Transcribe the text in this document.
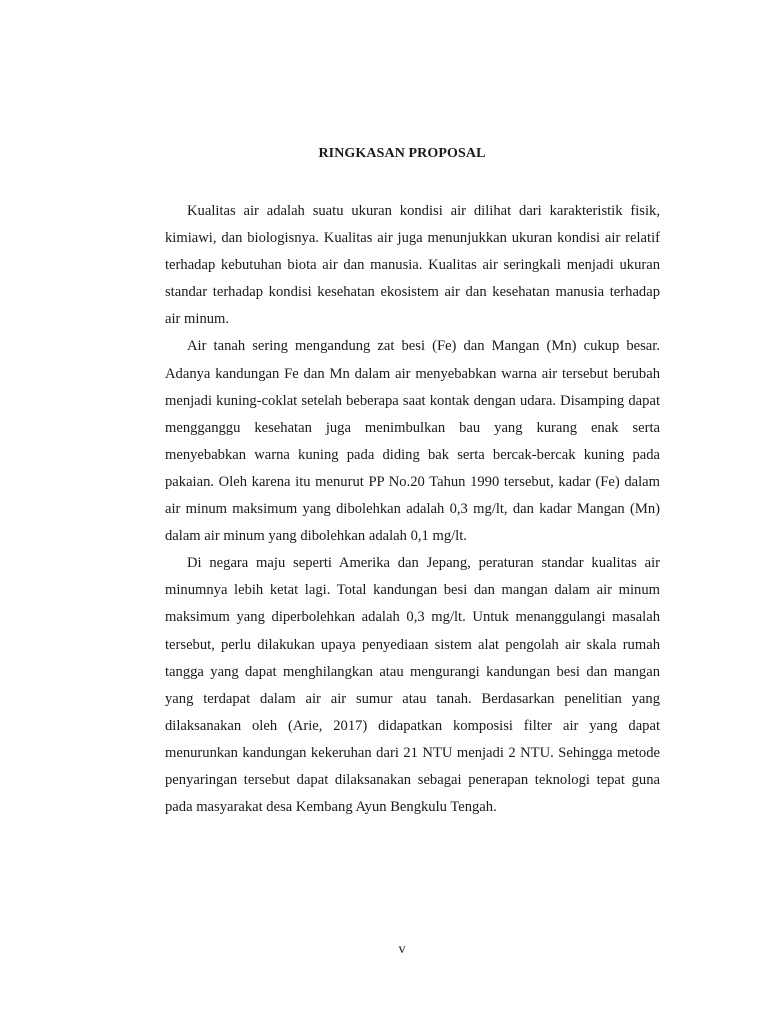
RINGKASAN PROPOSAL

Kualitas air adalah suatu ukuran kondisi air dilihat dari karakteristik fisik, kimiawi, dan biologisnya. Kualitas air juga menunjukkan ukuran kondisi air relatif terhadap kebutuhan biota air dan manusia. Kualitas air seringkali menjadi ukuran standar terhadap kondisi kesehatan ekosistem air dan kesehatan manusia terhadap air minum.

Air tanah sering mengandung zat besi (Fe) dan Mangan (Mn) cukup besar. Adanya kandungan Fe dan Mn dalam air menyebabkan warna air tersebut berubah menjadi kuning-coklat setelah beberapa saat kontak dengan udara. Disamping dapat mengganggu kesehatan juga menimbulkan bau yang kurang enak serta menyebabkan warna kuning pada diding bak serta bercak-bercak kuning pada pakaian. Oleh karena itu menurut PP No.20 Tahun 1990 tersebut, kadar (Fe) dalam air minum maksimum yang dibolehkan adalah 0,3 mg/lt, dan kadar Mangan (Mn) dalam air minum yang dibolehkan adalah 0,1 mg/lt.

Di negara maju seperti Amerika dan Jepang, peraturan standar kualitas air minumnya lebih ketat lagi. Total kandungan besi dan mangan dalam air minum maksimum yang diperbolehkan adalah 0,3 mg/lt. Untuk menanggulangi masalah tersebut, perlu dilakukan upaya penyediaan sistem alat pengolah air skala rumah tangga yang dapat menghilangkan atau mengurangi kandungan besi dan mangan yang terdapat dalam air air sumur atau tanah. Berdasarkan penelitian yang dilaksanakan oleh (Arie, 2017) didapatkan komposisi filter air yang dapat menurunkan kandungan kekeruhan dari 21 NTU menjadi 2 NTU. Sehingga metode penyaringan tersebut dapat dilaksanakan sebagai penerapan teknologi tepat guna pada masyarakat desa Kembang Ayun Bengkulu Tengah.

v
